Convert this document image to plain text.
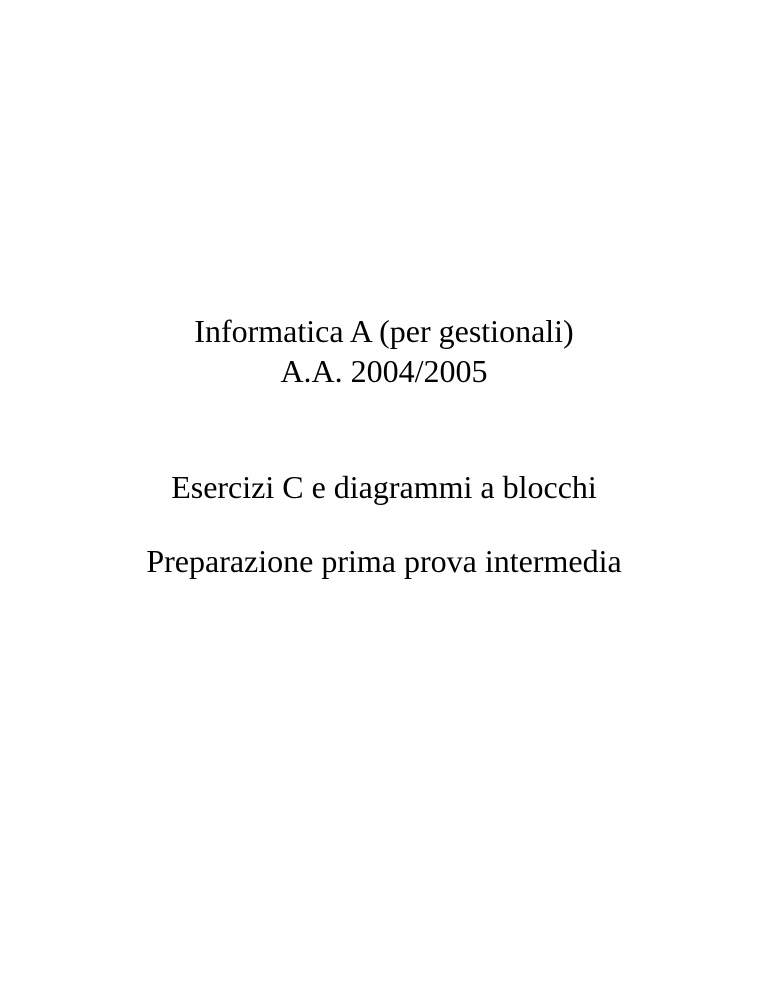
Informatica A (per gestionali)
A.A. 2004/2005
Esercizi C e diagrammi a blocchi
Preparazione prima prova intermedia
